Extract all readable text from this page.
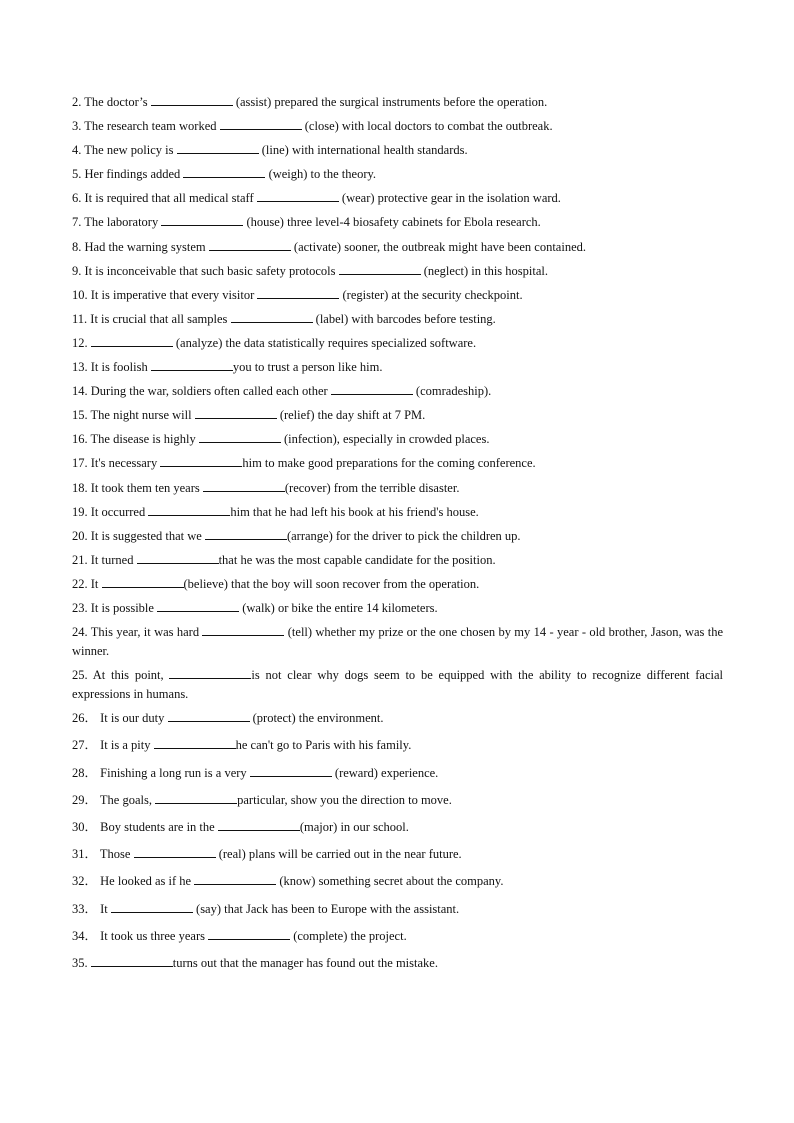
2. The doctor’s	(assist) prepared the surgical instruments before the operation.

3. The research team worked	(close) with local doctors to combat the outbreak.

4. The new policy is	(line) with international health standards.

5. Her findings added	(weigh) to the theory.

6. It is required that all medical staff	(wear) protective gear in the isolation ward.

7. The laboratory	(house) three level-4 biosafety cabinets for Ebola research.

8. Had the warning system	(activate) sooner, the outbreak might have been contained.

9. It is inconceivable that such basic safety protocols	(neglect) in this hospital.

10. It is imperative that every visitor	(register) at the security checkpoint.

11. It is crucial that all samples	(label) with barcodes before testing.

12.	(analyze) the data statistically requires specialized software.

13. It is foolish	you to trust a person like him.

14. During the war, soldiers often called each other	(comradeship).

15. The night nurse will	(relief) the day shift at 7 PM.

16. The disease is highly	(infection), especially in crowded places.

17. It's necessary	him to make good preparations for the coming conference.

18. It took them ten years	(recover) from the terrible disaster.

19. It occurred	him that he had left his book at his friend's house.

20. It is suggested that we	(arrange) for the driver to pick the children up.

21. It turned	that he was the most capable candidate for the position.

22. It	(believe) that the boy will soon recover from the operation.

23. It is possible	(walk) or bike the entire 14 kilometers.

24. This year, it was hard	(tell) whether my prize or the one chosen by my 14 - year - old brother, Jason, was the winner.

25. At this point,	is not clear why dogs seem to be equipped with the ability to recognize different facial expressions in humans.

26． It is our duty	(protect) the environment.

27． It is a pity	he can't go to Paris with his family.

28． Finishing a long run is a very	(reward) experience.

29． The goals,	particular, show you the direction to move.

30． Boy students are in the	(major) in our school.

31． Those	(real) plans will be carried out in the near future.

32． He looked as if he	(know) something secret about the company.

33． It	(say) that Jack has been to Europe with the assistant.

34． It took us three years	(complete) the project.

35.	turns out that the manager has found out the mistake.
